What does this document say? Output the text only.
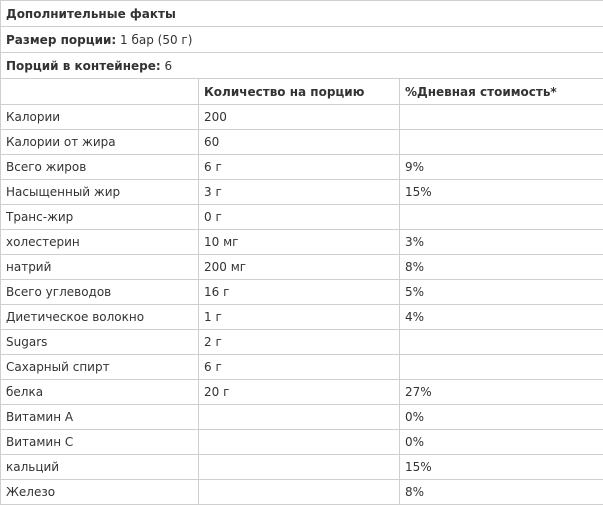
Дополнительные факты		
Размер порции: 1 бар (50 г)		
Порций в контейнере: 6		
	Количество на порцию	%Дневная стоимость*
Калории	200	
Калории от жира	60	
Всего жиров	6 г	9%
Насыщенный жир	3 г	15%
Транс-жир	0 г	
холестерин	10 мг	3%
натрий	200 мг	8%
Всего углеводов	16 г	5%
Диетическое волокно	1 г	4%
Sugars	2 г	
Сахарный спирт	6 г	
белка	20 г	27%
Витамин А		0%
Витамин С		0%
кальций		15%
Железо		8%
